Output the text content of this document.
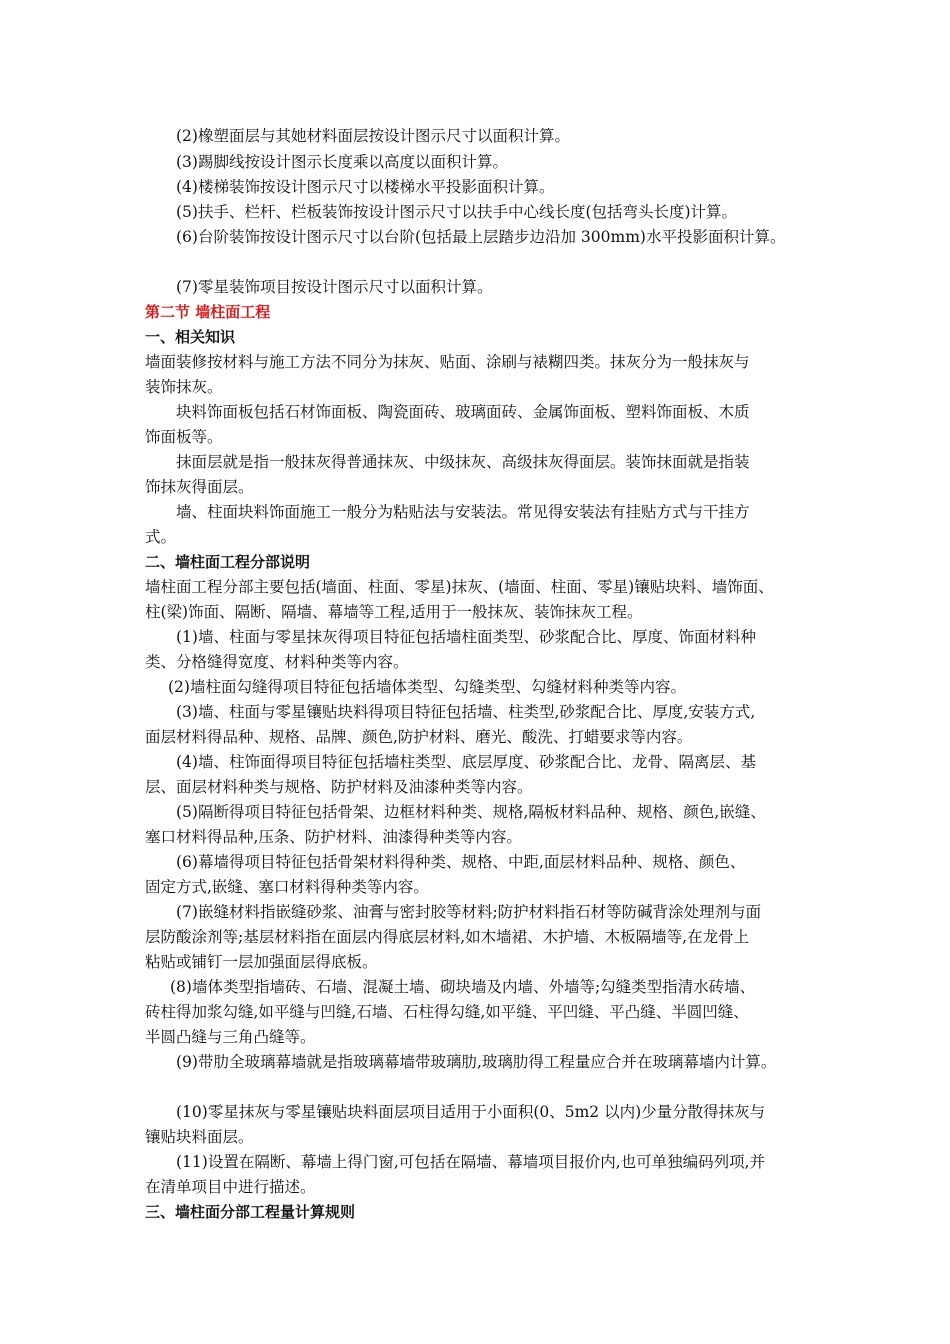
(2)橡塑面层与其她材料面层按设计图示尺寸以面积计算。
(3)踢脚线按设计图示长度乘以高度以面积计算。
(4)楼梯装饰按设计图示尺寸以楼梯水平投影面积计算。
(5)扶手、栏杆、栏板装饰按设计图示尺寸以扶手中心线长度(包括弯头长度)计算。
(6)台阶装饰按设计图示尺寸以台阶(包括最上层踏步边沿加 300mm)水平投影面积计算。
(7)零星装饰项目按设计图示尺寸以面积计算。
第二节 墙柱面工程
一、相关知识
墙面装修按材料与施工方法不同分为抹灰、贴面、涂刷与裱糊四类。抹灰分为一般抹灰与
装饰抹灰。
块料饰面板包括石材饰面板、陶瓷面砖、玻璃面砖、金属饰面板、塑料饰面板、木质
饰面板等。
抹面层就是指一般抹灰得普通抹灰、中级抹灰、高级抹灰得面层。装饰抹面就是指装
饰抹灰得面层。
墙、柱面块料饰面施工一般分为粘贴法与安装法。常见得安装法有挂贴方式与干挂方
式。
二、墙柱面工程分部说明
墙柱面工程分部主要包括(墙面、柱面、零星)抹灰、(墙面、柱面、零星)镶贴块料、墙饰面、
柱(梁)饰面、隔断、隔墙、幕墙等工程,适用于一般抹灰、装饰抹灰工程。
(1)墙、柱面与零星抹灰得项目特征包括墙柱面类型、砂浆配合比、厚度、饰面材料种
类、分格缝得宽度、材料种类等内容。
(2)墙柱面勾缝得项目特征包括墙体类型、勾缝类型、勾缝材料种类等内容。
(3)墙、柱面与零星镶贴块料得项目特征包括墙、柱类型,砂浆配合比、厚度,安装方式,
面层材料得品种、规格、品牌、颜色,防护材料、磨光、酸洗、打蜡要求等内容。
(4)墙、柱饰面得项目特征包括墙柱类型、底层厚度、砂浆配合比、龙骨、隔离层、基
层、面层材料种类与规格、防护材料及油漆种类等内容。
(5)隔断得项目特征包括骨架、边框材料种类、规格,隔板材料品种、规格、颜色,嵌缝、
塞口材料得品种,压条、防护材料、油漆得种类等内容。
(6)幕墙得项目特征包括骨架材料得种类、规格、中距,面层材料品种、规格、颜色、
固定方式,嵌缝、塞口材料得种类等内容。
(7)嵌缝材料指嵌缝砂浆、油膏与密封胶等材料;防护材料指石材等防碱背涂处理剂与面
层防酸涂剂等;基层材料指在面层内得底层材料,如木墙裙、木护墙、木板隔墙等,在龙骨上
粘贴或铺钉一层加强面层得底板。
(8)墙体类型指墙砖、石墙、混凝土墙、砌块墙及内墙、外墙等;勾缝类型指清水砖墙、
砖柱得加浆勾缝,如平缝与凹缝,石墙、石柱得勾缝,如平缝、平凹缝、平凸缝、半圆凹缝、
半圆凸缝与三角凸缝等。
(9)带肋全玻璃幕墙就是指玻璃幕墙带玻璃肋,玻璃肋得工程量应合并在玻璃幕墙内计算。
(10)零星抹灰与零星镶贴块料面层项目适用于小面积(0、5m2 以内)少量分散得抹灰与
镶贴块料面层。
(11)设置在隔断、幕墙上得门窗,可包括在隔墙、幕墙项目报价内,也可单独编码列项,并
在清单项目中进行描述。
三、墙柱面分部工程量计算规则
